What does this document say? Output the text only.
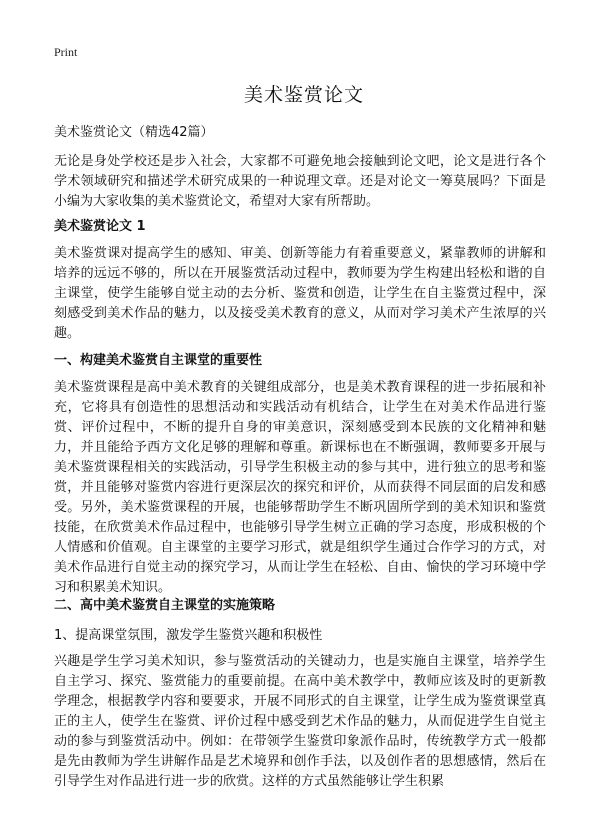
Print
美术鉴赏论文
美术鉴赏论文（精选42篇）

无论是身处学校还是步入社会，大家都不可避免地会接触到论文吧，论文是进行各个学术领域研究和描述学术研究成果的一种说理文章。还是对论文一筹莫展吗？下面是小编为大家收集的美术鉴赏论文，希望对大家有所帮助。

美术鉴赏论文 1

美术鉴赏课对提高学生的感知、审美、创新等能力有着重要意义，紧靠教师的讲解和培养的远远不够的，所以在开展鉴赏活动过程中，教师要为学生构建出轻松和谐的自主课堂，使学生能够自觉主动的去分析、鉴赏和创造，让学生在自主鉴赏过程中，深刻感受到美术作品的魅力，以及接受美术教育的意义，从而对学习美术产生浓厚的兴趣。

一、构建美术鉴赏自主课堂的重要性

美术鉴赏课程是高中美术教育的关键组成部分，也是美术教育课程的进一步拓展和补充，它将具有创造性的思想活动和实践活动有机结合，让学生在对美术作品进行鉴赏、评价过程中，不断的提升自身的审美意识，深刻感受到本民族的文化精神和魅力，并且能给予西方文化足够的理解和尊重。新课标也在不断强调，教师要多开展与美术鉴赏课程相关的实践活动，引导学生积极主动的参与其中，进行独立的思考和鉴赏，并且能够对鉴赏内容进行更深层次的探究和评价，从而获得不同层面的启发和感受。另外，美术鉴赏课程的开展，也能够帮助学生不断巩固所学到的美术知识和鉴赏技能，在欣赏美术作品过程中，也能够引导学生树立正确的学习态度，形成积极的个人情感和价值观。自主课堂的主要学习形式，就是组织学生通过合作学习的方式，对美术作品进行自觉主动的探究学习，从而让学生在轻松、自由、愉快的学习环境中学习和积累美术知识。

二、高中美术鉴赏自主课堂的实施策略
1、提高课堂氛围，激发学生鉴赏兴趣和积极性

兴趣是学生学习美术知识，参与鉴赏活动的关键动力，也是实施自主课堂，培养学生自主学习、探究、鉴赏能力的重要前提。在高中美术教学中，教师应该及时的更新教学理念，根据教学内容和要要求，开展不同形式的自主课堂，让学生成为鉴赏课堂真正的主人，使学生在鉴赏、评价过程中感受到艺术作品的魅力，从而促进学生自觉主动的参与到鉴赏活动中。例如：在带领学生鉴赏印象派作品时，传统教学方式一般都是先由教师为学生讲解作品是艺术境界和创作手法，以及创作者的思想感情，然后在引导学生对作品进行进一步的欣赏。这样的方式虽然能够让学生积累
